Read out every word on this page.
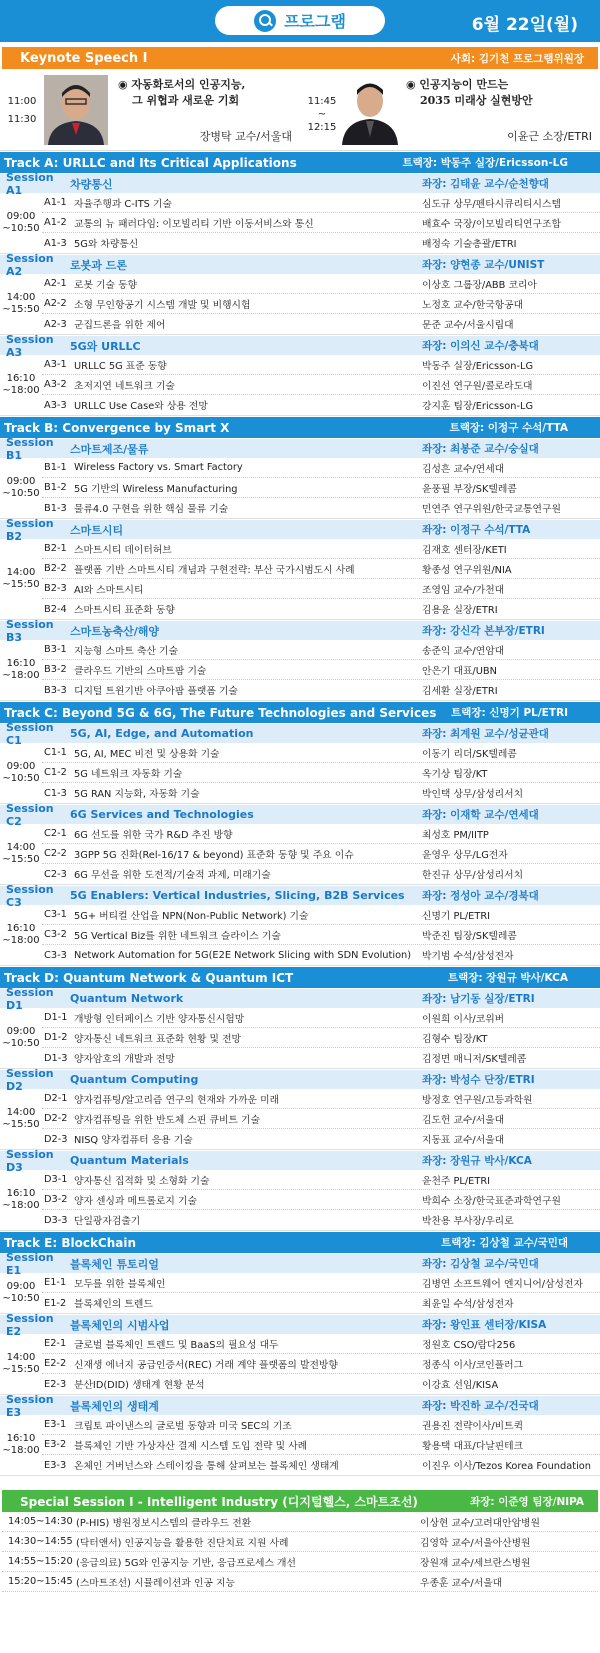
프로그램	6월 22일(월)
Keynote Speech I	사회: 김기천 프로그램위원장
11:00
11:30
◉ 자동화로서의 인공지능,
그 위협과 새로운 기회
장병탁 교수/서울대
11:45
~
12:15
◉ 인공지능이 만드는
2035 미래상 실현방안
이윤근 소장/ETRI
Track A: URLLC and Its Critical Applications	트랙장: 박동주 실장/Ericsson-LG
Session A1	차량통신	좌장: 김태윤 교수/순천향대
09:00
~10:50
A1-1 자율주행과 C-ITS 기술	심도규 상무/펜타시큐리티시스템
A1-2 교통의 뉴 패러다임: 이모빌리티 기반 이동서비스와 통신	배효수 국장/이모빌리티연구조합
A1-3 5G와 차량통신	배정숙 기술총괄/ETRI
Session A2	로봇과 드론	좌장: 양현종 교수/UNIST
14:00
~15:50
A2-1 로봇 기술 동향	이상호 그룹장/ABB 코리아
A2-2 소형 무인항공기 시스템 개발 및 비행시험	노정호 교수/한국항공대
A2-3 군집드론을 위한 제어	문준 교수/서울시립대
Session A3	5G와 URLLC	좌장: 이의신 교수/충북대
16:10
~18:00
A3-1 URLLC 5G 표준 동향	박동주 실장/Ericsson-LG
A3-2 초저지연 네트워크 기술	이진선 연구원/콜로라도대
A3-3 URLLC Use Case와 상용 전망	강지훈 팀장/Ericsson-LG
Track B: Convergence by Smart X	트랙장: 이정구 수석/TTA
Session B1	스마트제조/물류	좌장: 최봉준 교수/숭실대
09:00
~10:50
B1-1 Wireless Factory vs. Smart Factory	김성흔 교수/연세대
B1-2 5G 기반의 Wireless Manufacturing	윤풍필 부장/SK텔레콤
B1-3 물류4.0 구현을 위한 핵심 물류 기술	민연주 연구위원/한국교통연구원
Session B2	스마트시티	좌장: 이정구 수석/TTA
14:00
~15:50
B2-1 스마트시티 데이터허브	김재호 센터장/KETI
B2-2 플랫폼 기반 스마트시티 개념과 구현전략: 부산 국가시범도시 사례	황종성 연구위원/NIA
B2-3 AI와 스마트시티	조영임 교수/가천대
B2-4 스마트시티 표준화 동향	김용윤 실장/ETRI
Session B3	스마트농축산/해양	좌장: 강신각 본부장/ETRI
16:10
~18:00
B3-1 지능형 스마트 축산 기술	송준익 교수/연암대
B3-2 클라우드 기반의 스마트팜 기술	안은기 대표/UBN
B3-3 디지털 트윈기반 아쿠아팜 플랫폼 기술	김세환 실장/ETRI
Track C: Beyond 5G & 6G, The Future Technologies and Services 트랙장: 신명기 PL/ETRI
Session C1	5G, AI, Edge, and Automation	좌장: 최계원 교수/성균관대
09:00
~10:50
C1-1 5G, AI, MEC 비전 및 상용화 기술	이동기 리더/SK텔레콤
C1-2 5G 네트워크 자동화 기술	옥기상 팀장/KT
C1-3 5G RAN 지능화, 자동화 기술	박인택 상무/삼성리서치
Session C2	6G Services and Technologies	좌장: 이재학 교수/연세대
14:00
~15:50
C2-1 6G 선도를 위한 국가 R&D 추진 방향	최성호 PM/IITP
C2-2 3GPP 5G 진화(Rel-16/17 & beyond) 표준화 동향 및 주요 이슈	윤영우 상무/LG전자
C2-3 6G 무선을 위한 도전적/기술적 과제, 미래기술	한진규 상무/삼성리서치
Session C3	5G Enablers: Vertical Industries, Slicing, B2B Services	좌장: 정성아 교수/경북대
16:10
~18:00
C3-1 5G+ 버티컬 산업을 NPN(Non-Public Network) 기술	신명기 PL/ETRI
C3-2 5G Vertical Biz를 위한 네트워크 슬라이스 기술	박준진 팀장/SK텔레콤
C3-3 Network Automation for 5G(E2E Network Slicing with SDN Evolution)	박기범 수석/삼성전자
Track D: Quantum Network & Quantum ICT	트랙장: 장원규 박사/KCA
Session D1	Quantum Network	좌장: 남기동 실장/ETRI
09:00
~10:50
D1-1 개방형 인터페이스 기반 양자통신시험망	이원희 이사/코위버
D1-2 양자통신 네트워크 표준화 현황 및 전망	김형수 팀장/KT
D1-3 양자암호의 개발과 전망	김정면 매니저/SK텔레콤
Session D2	Quantum Computing	좌장: 박성수 단장/ETRI
14:00
~15:50
D2-1 양자컴퓨팅/알고리즘 연구의 현재와 가까운 미래	방정호 연구원/고등과학원
D2-2 양자컴퓨팅을 위한 반도체 스핀 큐비트 기술	김도헌 교수/서울대
D2-3 NISQ 양자컴퓨터 응용 기술	지동표 교수/서울대
Session D3	Quantum Materials	좌장: 장원규 박사/KCA
16:10
~18:00
D3-1 양자통신 집적화 및 소형화 기술	윤천주 PL/ETRI
D3-2 양자 센싱과 메트롤로지 기술	박희수 소장/한국표준과학연구원
D3-3 단일광자검출기	박찬용 부사장/우리로
Track E: BlockChain	트랙장: 김상철 교수/국민대
Session E1	블록체인 튜토리얼	좌장: 김상철 교수/국민대
09:00
~10:50
E1-1 모두를 위한 블록체인	김병연 소프트웨어 엔지니어/삼성전자
E1-2 블록체인의 트렌드	최윤일 수석/삼성전자
Session E2	블록체인의 시범사업	좌장: 왕인표 센터장/KISA
14:00
~15:50
E2-1 글로벌 블록체인 트렌드 및 BaaS의 필요성 대두	정원호 CSO/람다256
E2-2 신재생 에너지 공급인증서(REC) 거래 계약 플랫폼의 발전방향	정종식 이사/코인플러그
E2-3 분산ID(DID) 생태계 현황 분석	이강효 선임/KISA
Session E3	블록체인의 생태계	좌장: 박진하 교수/건국대
16:10
~18:00
E3-1 크립토 파이낸스의 글로벌 동향과 미국 SEC의 기조	권용진 전략이사/비트퀵
E3-2 블록체인 기반 가상자산 결제 시스템 도입 전략 및 사례	황용택 대표/다날핀테크
E3-3 온체인 거버넌스와 스테이킹을 통해 살펴보는 블록체인 생태계	이진우 이사/Tezos Korea Foundation
Special Session I - Intelligent Industry (디지털헬스, 스마트조선)	좌장: 이준영 팀장/NIPA
14:05~14:30 (P-HIS) 병원정보시스템의 클라우드 전환	이상현 교수/고려대안암병원
14:30~14:55 (닥터앤서) 인공지능을 활용한 진단치료 지원 사례	김영학 교수/서울아산병원
14:55~15:20 (응급의료) 5G와 인공지능 기반, 응급프로세스 개선	장원재 교수/세브란스병원
15:20~15:45 (스마트조선) 시뮬레이션과 인공 지능	우종훈 교수/서울대
